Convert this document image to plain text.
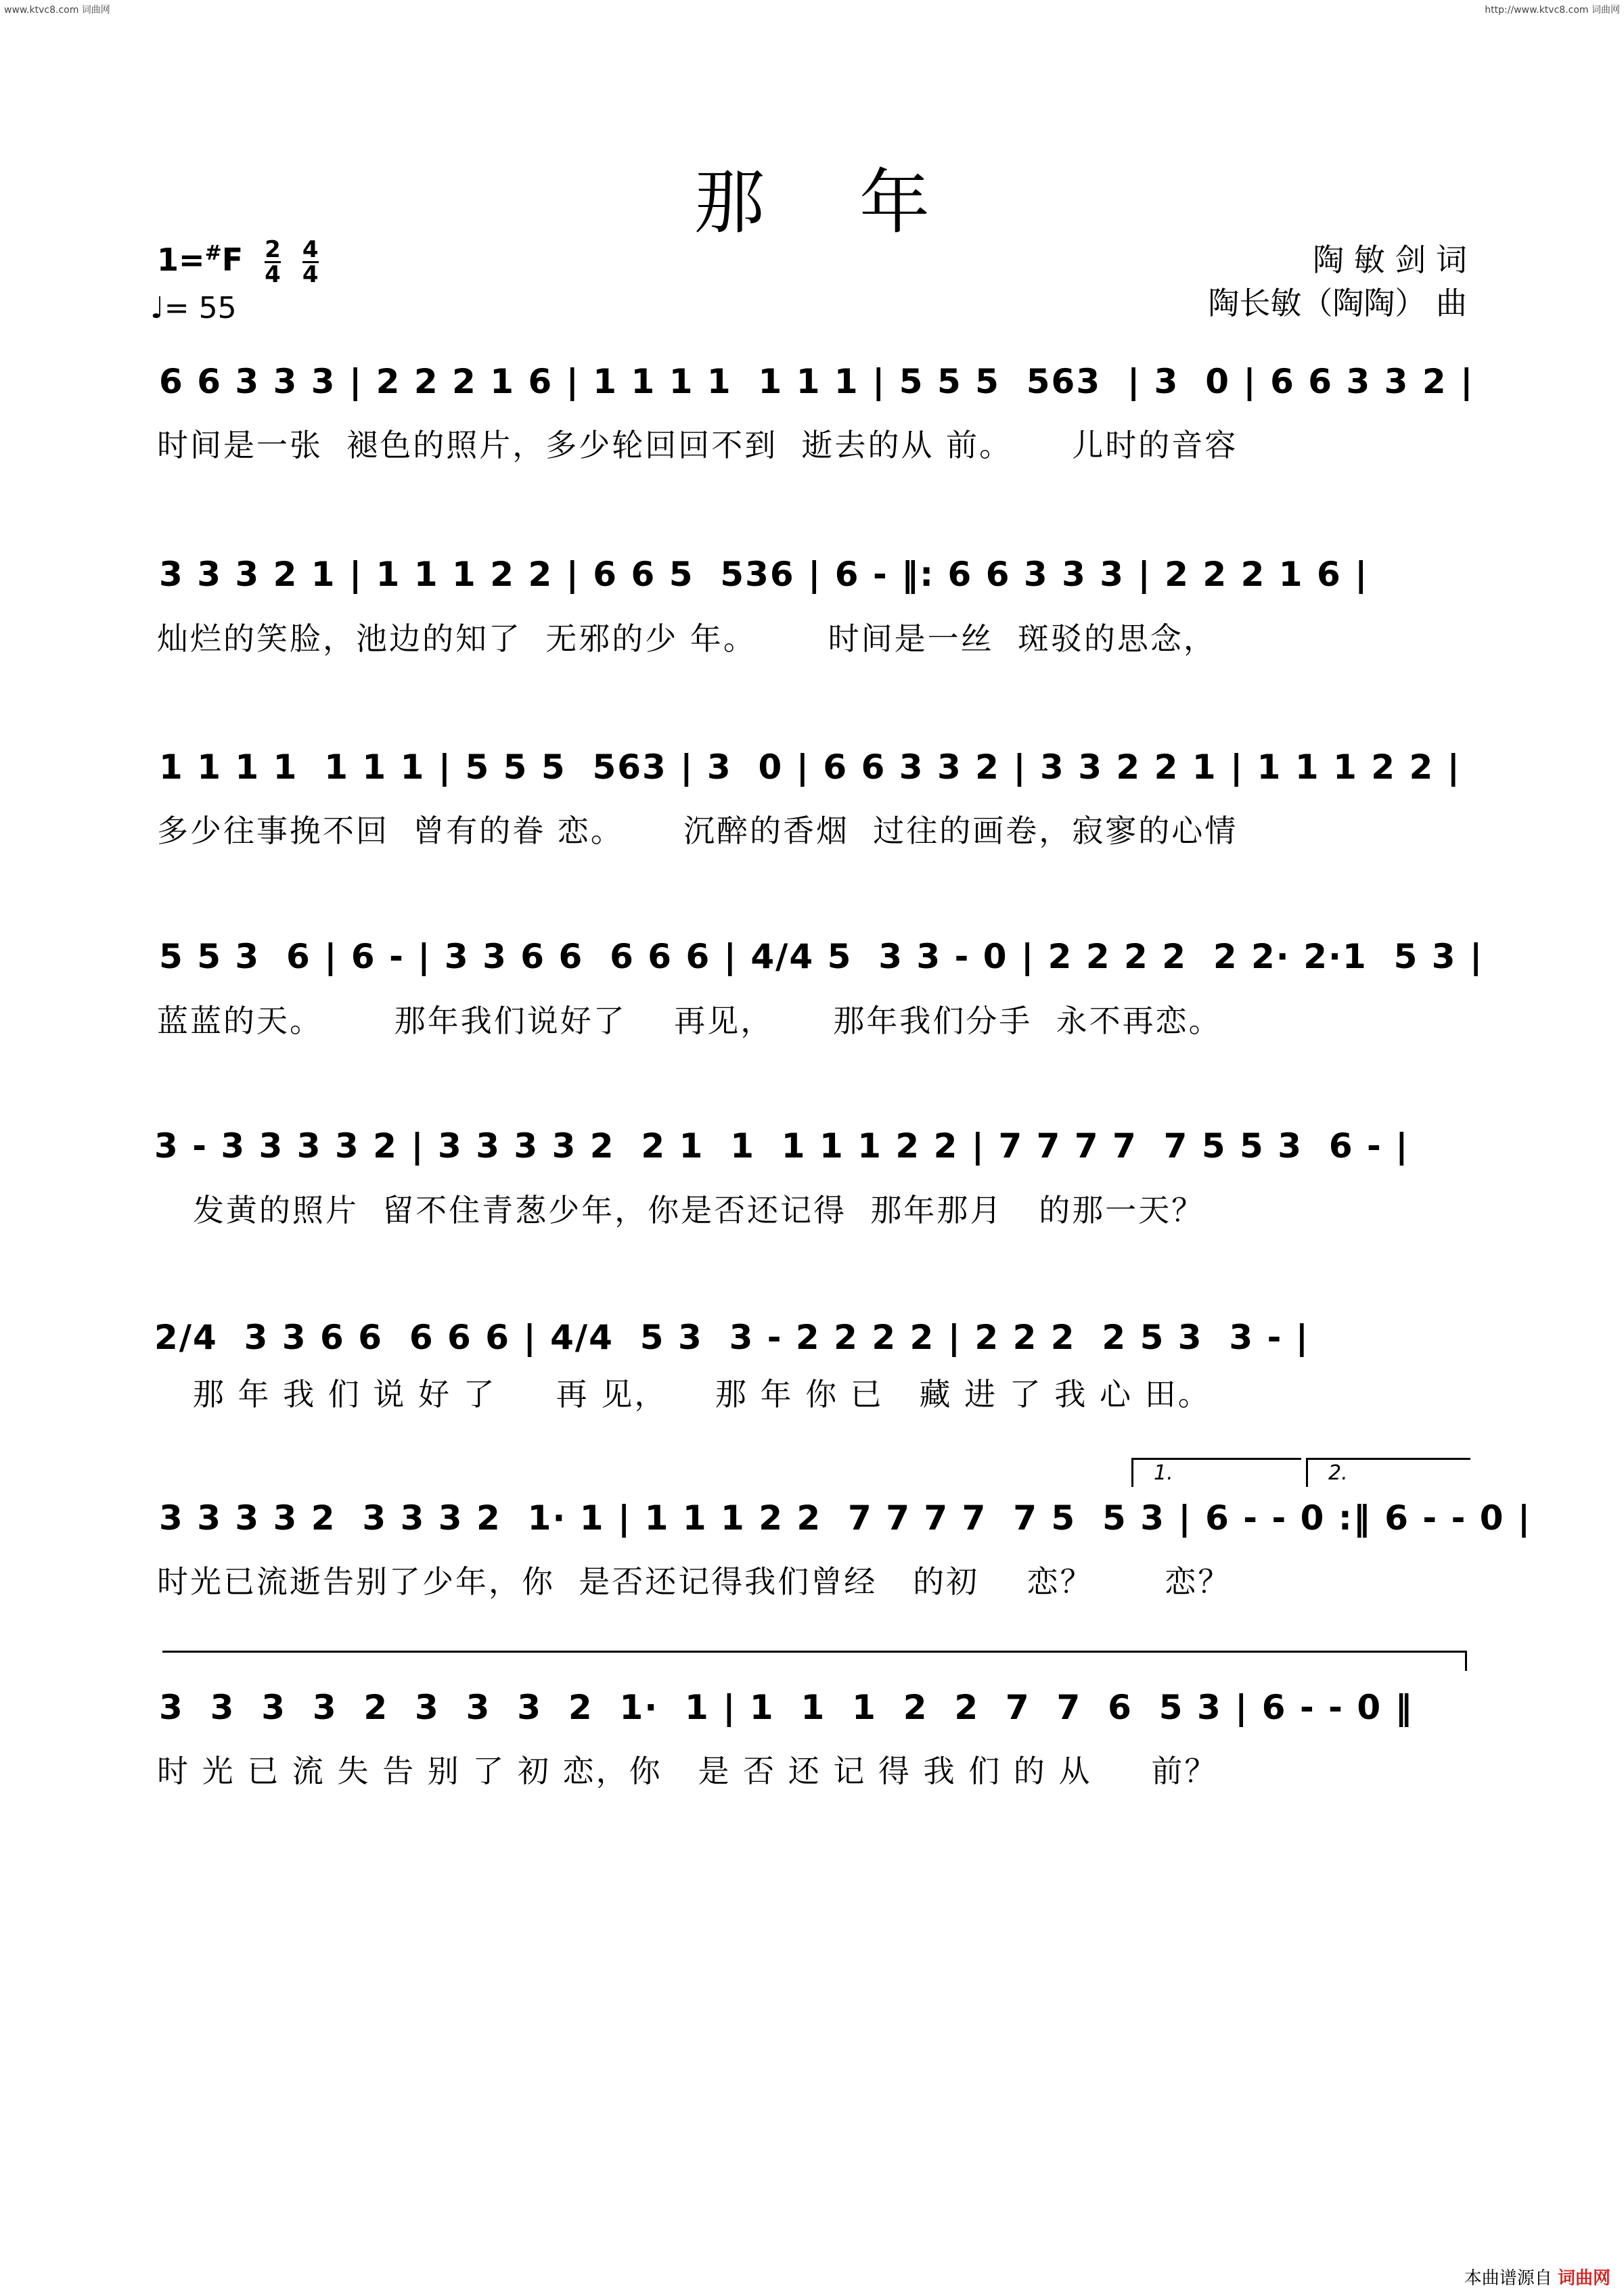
www.ktvc8.com 词曲网	http://www.ktvc8.com 词曲网
那年
$1=^{\#}F \frac{2}{4}$
$\frac{4}{4}$
♩= 55
陶 敏 剑 词
陶长敏（陶陶） 曲
6 6 3 3 3 | 2 2 2 1 6 | 1 1 1 1  1 1 1 | 5 5 5  563  | 3  0 | 6 6 3 3 2 |
时间是一张  褪色的照片，多少轮回回不到  逝去的从 前。     儿时的音容
3 3 3 2 1 | 1 1 1 2 2 | 6 6 5  536 | 6 - ‖: 6 6 3 3 3 | 2 2 2 1 6 |
灿烂的笑脸，池边的知了  无邪的少 年。      时间是一丝  斑驳的思念，
1 1 1 1  1 1 1 | 5 5 5  563 | 3  0 | 6 6 3 3 2 | 3 3 2 2 1 | 1 1 1 2 2 |
多少往事挽不回  曾有的眷 恋。     沉醉的香烟  过往的画卷，寂寥的心情
5 5 3  6 | 6 - | 3 3 6 6  6 6 6 | 4/4 5  3 3 - 0 | 2 2 2 2  2 2· 2·1  5 3 |
蓝蓝的天。      那年我们说好了    再见，     那年我们分手  永不再恋。
3 - 3 3 3 3 2 | 3 3 3 3 2  2 1  1  1 1 1 2 2 | 7 7 7 7  7 5 5 3  6 - |
发黄的照片  留不住青葱少年，你是否还记得  那年那月   的那一天？
2/4  3 3 6 6  6 6 6 | 4/4  5 3  3 - 2 2 2 2 | 2 2 2  2 5 3  3 - |
那 年 我 们 说 好 了     再 见，    那 年 你 已   藏 进 了 我 心 田。
1.	2.
3 3 3 3 2  3 3 3 2  1· 1 | 1 1 1 2 2  7 7 7 7  7 5  5 3 | 6 - - 0 :‖ 6 - - 0 |
时光已流逝告别了少年，你  是否还记得我们曾经   的初    恋？      恋？
3  3  3  3  2  3  3  3  2  1·  1 | 1  1  1  2  2  7  7  6  5 3 | 6 - - 0 ‖
时 光 已 流 失 告 别 了 初 恋，你   是 否 还 记 得 我 们 的 从     前？
本曲谱源自 词曲网
